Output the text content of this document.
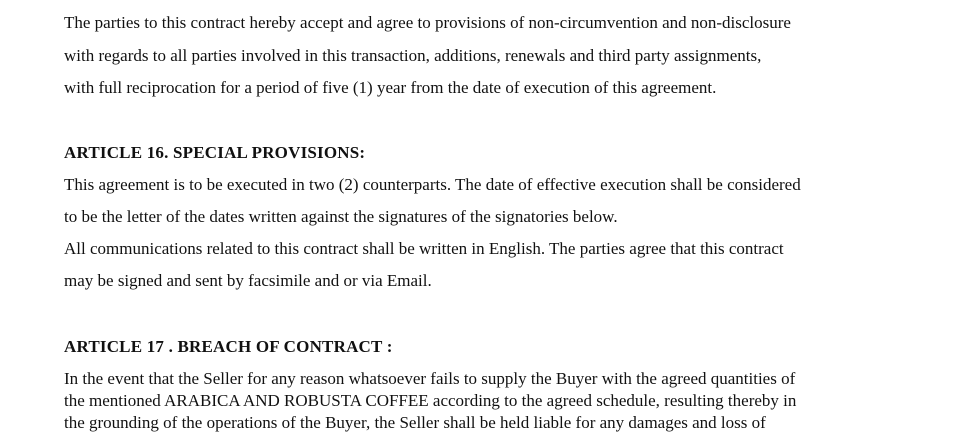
The parties to this contract hereby accept and agree to provisions of non-circumvention and non-disclosure
with regards to all parties involved in this transaction, additions, renewals and third party assignments,
with full reciprocation for a period of five (1) year from the date of execution of this agreement.
ARTICLE 16. SPECIAL PROVISIONS:
This agreement is to be executed in two (2) counterparts. The date of effective execution shall be considered
to be the letter of the dates written against the signatures of the signatories below.
All communications related to this contract shall be written in English. The parties agree that this contract
may be signed and sent by facsimile and or via Email.
ARTICLE 17 . BREACH OF CONTRACT :
In the event that the Seller for any reason whatsoever fails to supply the Buyer with the agreed quantities of
the mentioned ARABICA AND ROBUSTA COFFEE according to the agreed schedule, resulting thereby in
the grounding of the operations of the Buyer, the Seller shall be held liable for any damages and loss of
